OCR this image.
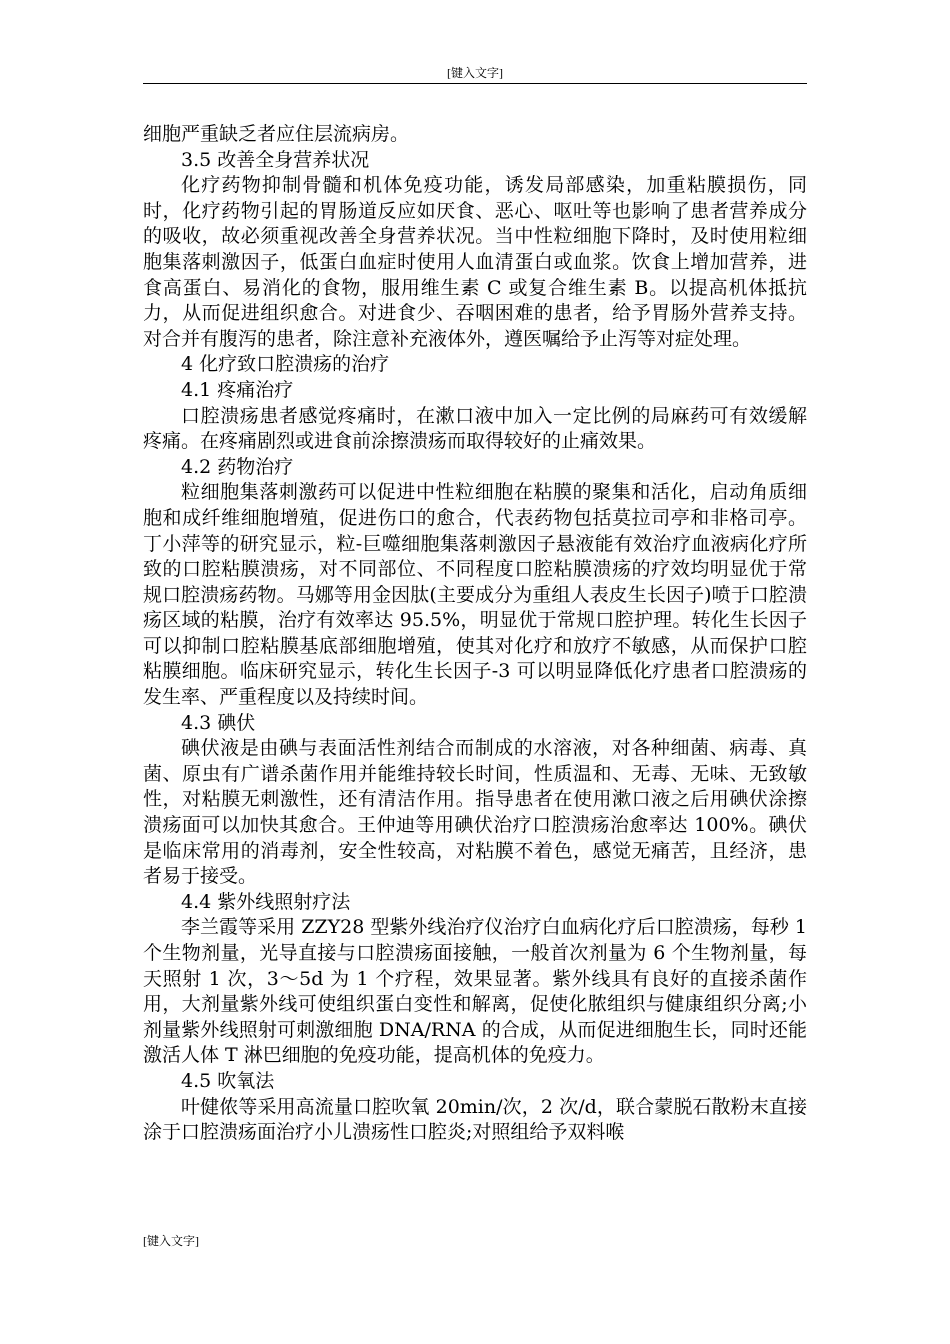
[键入文字]

细胞严重缺乏者应住层流病房。

3.5 改善全身营养状况

化疗药物抑制骨髓和机体免疫功能，诱发局部感染，加重粘膜损伤，同时，化疗药物引起的胃肠道反应如厌食、恶心、呕吐等也影响了患者营养成分的吸收，故必须重视改善全身营养状况。当中性粒细胞下降时，及时使用粒细胞集落刺激因子，低蛋白血症时使用人血清蛋白或血浆。饮食上增加营养，进食高蛋白、易消化的食物，服用维生素 C 或复合维生素 B。以提高机体抵抗力，从而促进组织愈合。对进食少、吞咽困难的患者，给予胃肠外营养支持。对合并有腹泻的患者，除注意补充液体外，遵医嘱给予止泻等对症处理。

4 化疗致口腔溃疡的治疗

4.1 疼痛治疗

口腔溃疡患者感觉疼痛时，在漱口液中加入一定比例的局麻药可有效缓解疼痛。在疼痛剧烈或进食前涂擦溃疡而取得较好的止痛效果。

4.2 药物治疗

粒细胞集落刺激药可以促进中性粒细胞在粘膜的聚集和活化，启动角质细胞和成纤维细胞增殖，促进伤口的愈合，代表药物包括莫拉司亭和非格司亭。丁小萍等的研究显示，粒-巨噬细胞集落刺激因子悬液能有效治疗血液病化疗所致的口腔粘膜溃疡，对不同部位、不同程度口腔粘膜溃疡的疗效均明显优于常规口腔溃疡药物。马娜等用金因肽(主要成分为重组人表皮生长因子)喷于口腔溃疡区域的粘膜，治疗有效率达 95.5%，明显优于常规口腔护理。转化生长因子可以抑制口腔粘膜基底部细胞增殖，使其对化疗和放疗不敏感，从而保护口腔粘膜细胞。临床研究显示，转化生长因子-3 可以明显降低化疗患者口腔溃疡的发生率、严重程度以及持续时间。

4.3 碘伏

碘伏液是由碘与表面活性剂结合而制成的水溶液，对各种细菌、病毒、真菌、原虫有广谱杀菌作用并能维持较长时间，性质温和、无毒、无味、无致敏性，对粘膜无刺激性，还有清洁作用。指导患者在使用漱口液之后用碘伏涂擦溃疡面可以加快其愈合。王仲迪等用碘伏治疗口腔溃疡治愈率达 100%。碘伏是临床常用的消毒剂，安全性较高，对粘膜不着色，感觉无痛苦，且经济，患者易于接受。

4.4 紫外线照射疗法

李兰霞等采用 ZZY28 型紫外线治疗仪治疗白血病化疗后口腔溃疡，每秒 1 个生物剂量，光导直接与口腔溃疡面接触，一般首次剂量为 6 个生物剂量，每天照射 1 次，3～5d 为 1 个疗程，效果显著。紫外线具有良好的直接杀菌作用，大剂量紫外线可使组织蛋白变性和解离，促使化脓组织与健康组织分离;小剂量紫外线照射可刺激细胞 DNA/RNA 的合成，从而促进细胞生长，同时还能激活人体 T 淋巴细胞的免疫功能，提高机体的免疫力。

4.5 吹氧法

叶健侬等采用高流量口腔吹氧 20min/次，2 次/d，联合蒙脱石散粉末直接涂于口腔溃疡面治疗小儿溃疡性口腔炎;对照组给予双料喉

[键入文字]
